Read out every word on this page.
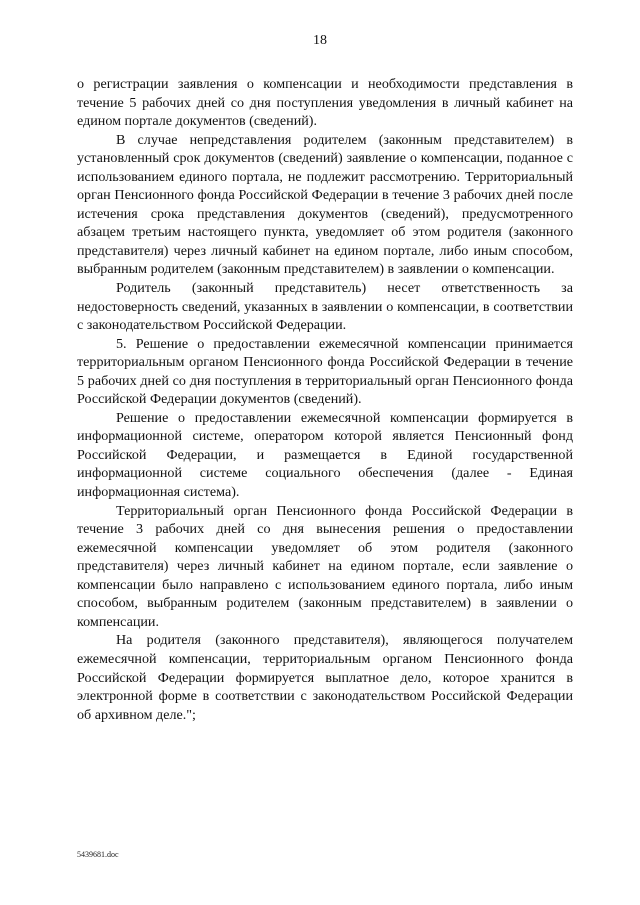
18

о регистрации заявления о компенсации и необходимости представления в течение 5 рабочих дней со дня поступления уведомления в личный кабинет на едином портале документов (сведений).

В случае непредставления родителем (законным представителем) в установленный срок документов (сведений) заявление о компенсации, поданное с использованием единого портала, не подлежит рассмотрению. Территориальный орган Пенсионного фонда Российской Федерации в течение 3 рабочих дней после истечения срока представления документов (сведений), предусмотренного абзацем третьим настоящего пункта, уведомляет об этом родителя (законного представителя) через личный кабинет на едином портале, либо иным способом, выбранным родителем (законным представителем) в заявлении о компенсации.

Родитель (законный представитель) несет ответственность за недостоверность сведений, указанных в заявлении о компенсации, в соответствии с законодательством Российской Федерации.

5. Решение о предоставлении ежемесячной компенсации принимается территориальным органом Пенсионного фонда Российской Федерации в течение 5 рабочих дней со дня поступления в территориальный орган Пенсионного фонда Российской Федерации документов (сведений).

Решение о предоставлении ежемесячной компенсации формируется в информационной системе, оператором которой является Пенсионный фонд Российской Федерации, и размещается в Единой государственной информационной системе социального обеспечения (далее - Единая информационная система).

Территориальный орган Пенсионного фонда Российской Федерации в течение 3 рабочих дней со дня вынесения решения о предоставлении ежемесячной компенсации уведомляет об этом родителя (законного представителя) через личный кабинет на едином портале, если заявление о компенсации было направлено с использованием единого портала, либо иным способом, выбранным родителем (законным представителем) в заявлении о компенсации.

На родителя (законного представителя), являющегося получателем ежемесячной компенсации, территориальным органом Пенсионного фонда Российской Федерации формируется выплатное дело, которое хранится в электронной форме в соответствии с законодательством Российской Федерации об архивном деле.";

5439681.doc
